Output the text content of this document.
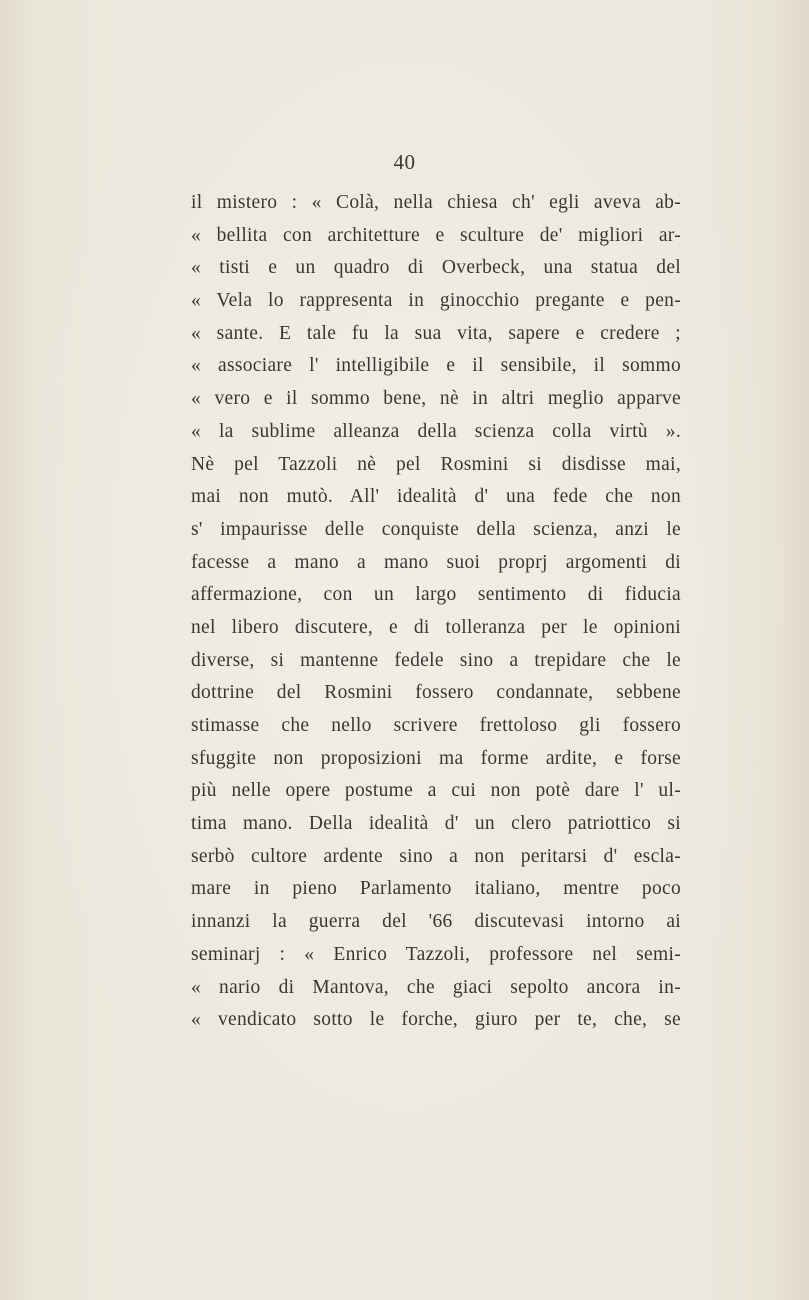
40
il mistero : « Colà, nella chiesa ch' egli aveva ab-
« bellita con architetture e sculture de' migliori ar-
« tisti e un quadro di Overbeck, una statua del
« Vela lo rappresenta in ginocchio pregante e pen-
« sante. E tale fu la sua vita, sapere e credere ;
« associare l' intelligibile e il sensibile, il sommo
« vero e il sommo bene, nè in altri meglio apparve
« la sublime alleanza della scienza colla virtù ».
Nè pel Tazzoli nè pel Rosmini si disdisse mai,
mai non mutò. All' idealità d' una fede che non
s' impaurisse delle conquiste della scienza, anzi le
facesse a mano a mano suoi proprj argomenti di
affermazione, con un largo sentimento di fiducia
nel libero discutere, e di tolleranza per le opinioni
diverse, si mantenne fedele sino a trepidare che le
dottrine del Rosmini fossero condannate, sebbene
stimasse che nello scrivere frettoloso gli fossero
sfuggite non proposizioni ma forme ardite, e forse
più nelle opere postume a cui non potè dare l' ul-
tima mano. Della idealità d' un clero patriottico si
serbò cultore ardente sino a non peritarsi d' escla-
mare in pieno Parlamento italiano, mentre poco
innanzi la guerra del '66 discutevasi intorno ai
seminarj : « Enrico Tazzoli, professore nel semi-
« nario di Mantova, che giaci sepolto ancora in-
« vendicato sotto le forche, giuro per te, che, se
